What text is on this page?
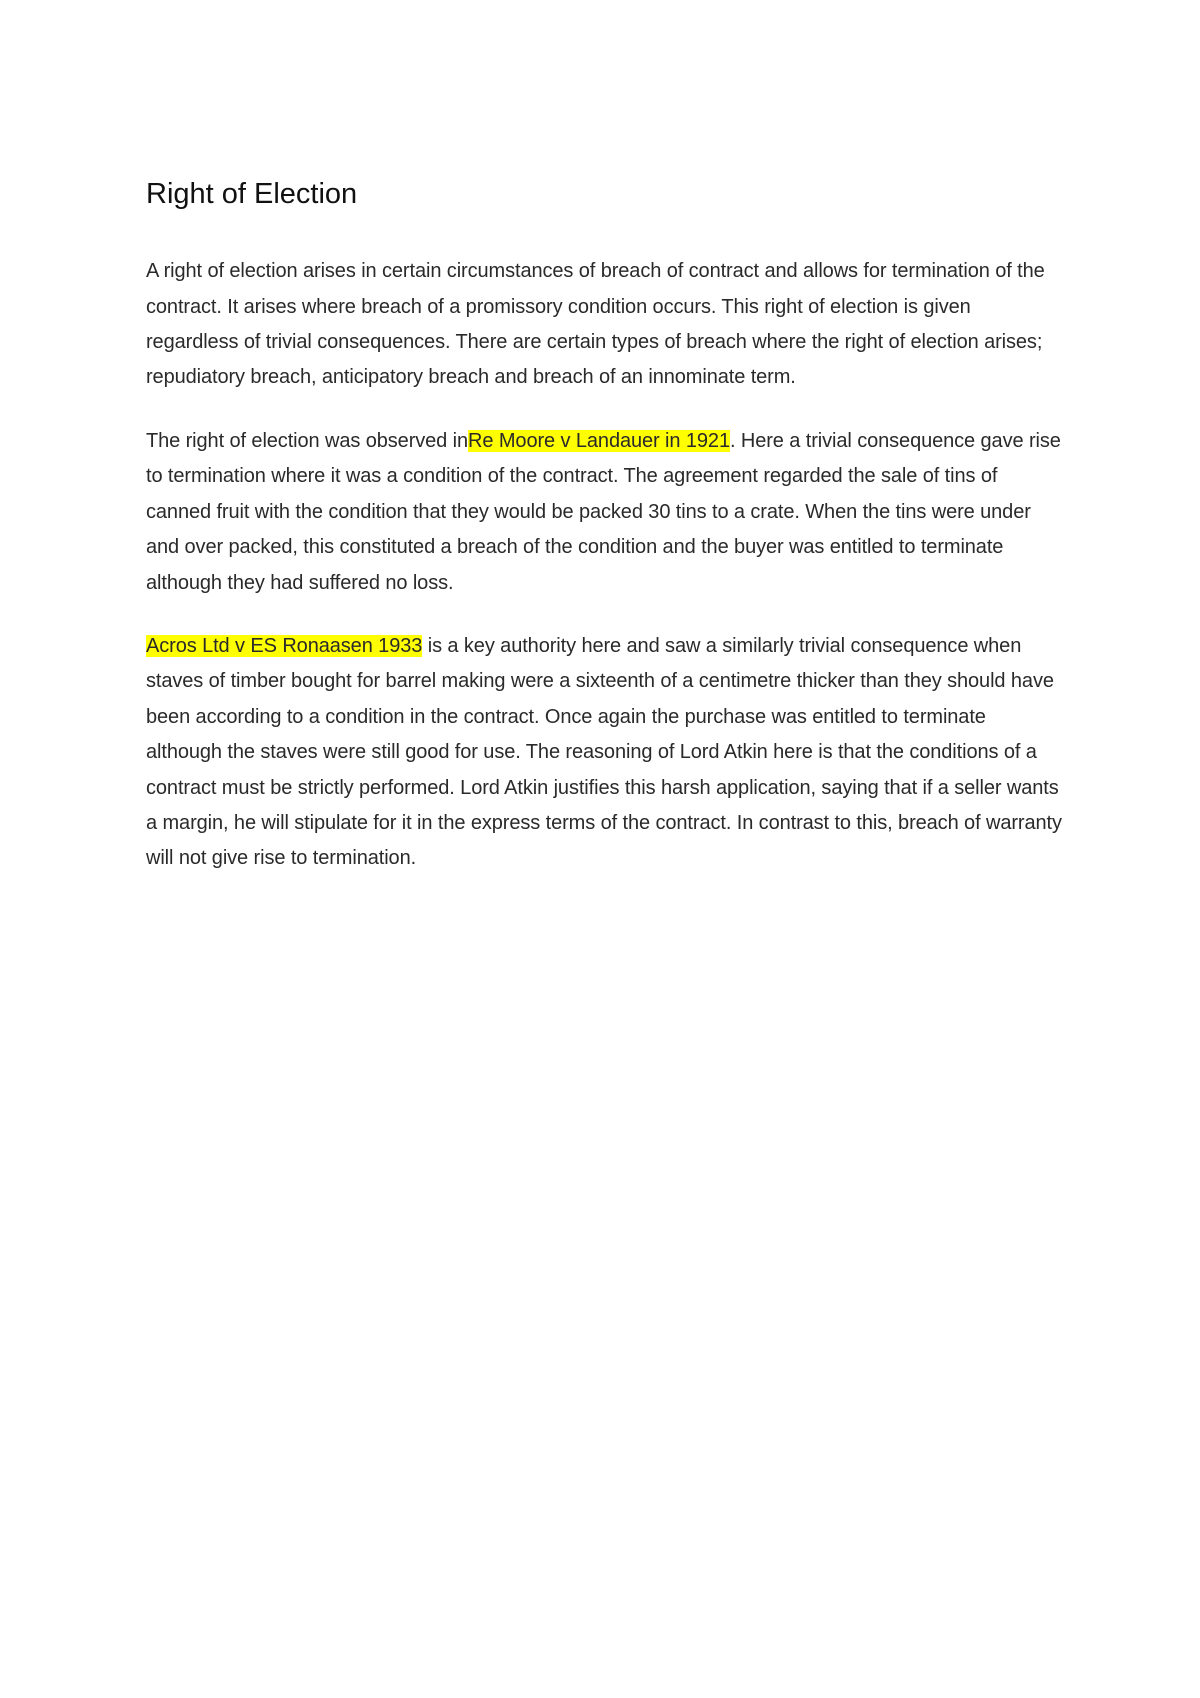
Right of Election

A right of election arises in certain circumstances of breach of contract and allows for termination of the contract. It arises where breach of a promissory condition occurs. This right of election is given regardless of trivial consequences. There are certain types of breach where the right of election arises; repudiatory breach, anticipatory breach and breach of an innominate term.

The right of election was observed inRe Moore v Landauer in 1921. Here a trivial consequence gave rise to termination where it was a condition of the contract. The agreement regarded the sale of tins of canned fruit with the condition that they would be packed 30 tins to a crate. When the tins were under and over packed, this constituted a breach of the condition and the buyer was entitled to terminate although they had suffered no loss.

Acros Ltd v ES Ronaasen 1933 is a key authority here and saw a similarly trivial consequence when staves of timber bought for barrel making were a sixteenth of a centimetre thicker than they should have been according to a condition in the contract. Once again the purchase was entitled to terminate although the staves were still good for use. The reasoning of Lord Atkin here is that the conditions of a contract must be strictly performed. Lord Atkin justifies this harsh application, saying that if a seller wants a margin, he will stipulate for it in the express terms of the contract. In contrast to this, breach of warranty will not give rise to termination.
